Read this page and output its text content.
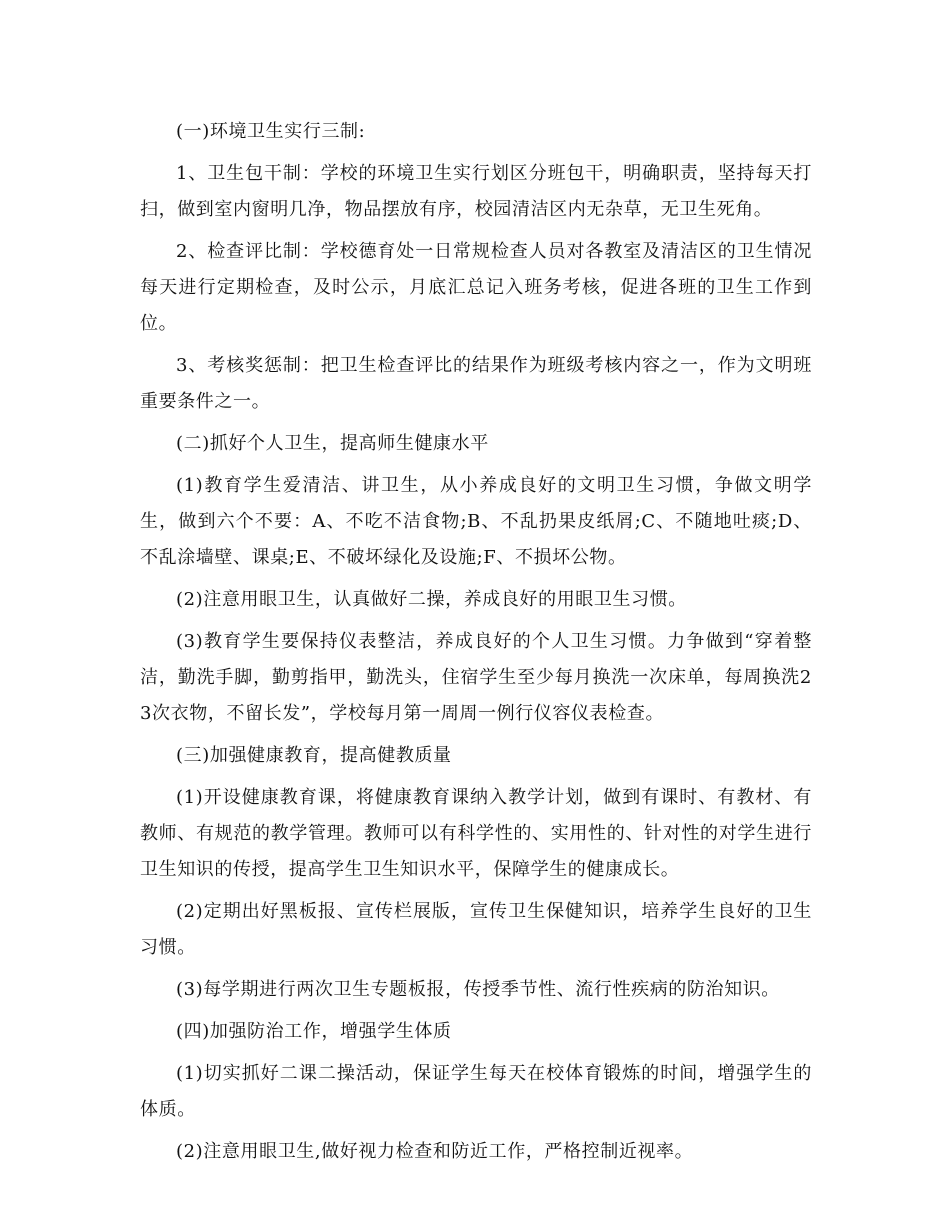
(一)环境卫生实行三制:

1、卫生包干制：学校的环境卫生实行划区分班包干，明确职责，坚持每天打扫，做到室内窗明几净，物品摆放有序，校园清洁区内无杂草，无卫生死角。

2、检查评比制：学校德育处一日常规检查人员对各教室及清洁区的卫生情况每天进行定期检查，及时公示，月底汇总记入班务考核，促进各班的卫生工作到位。

3、考核奖惩制：把卫生检查评比的结果作为班级考核内容之一，作为文明班重要条件之一。

(二)抓好个人卫生，提高师生健康水平

(1)教育学生爱清洁、讲卫生，从小养成良好的文明卫生习惯，争做文明学生，做到六个不要：A、不吃不洁食物;B、不乱扔果皮纸屑;C、不随地吐痰;D、不乱涂墙壁、课桌;E、不破坏绿化及设施;F、不损坏公物。

(2)注意用眼卫生，认真做好二操，养成良好的用眼卫生习惯。

(3)教育学生要保持仪表整洁，养成良好的个人卫生习惯。力争做到“穿着整洁，勤洗手脚，勤剪指甲，勤洗头，住宿学生至少每月换洗一次床单，每周换洗23次衣物，不留长发”，学校每月第一周周一例行仪容仪表检查。

(三)加强健康教育，提高健教质量

(1)开设健康教育课，将健康教育课纳入教学计划，做到有课时、有教材、有教师、有规范的教学管理。教师可以有科学性的、实用性的、针对性的对学生进行卫生知识的传授，提高学生卫生知识水平，保障学生的健康成长。

(2)定期出好黑板报、宣传栏展版，宣传卫生保健知识，培养学生良好的卫生习惯。

(3)每学期进行两次卫生专题板报，传授季节性、流行性疾病的防治知识。

(四)加强防治工作，增强学生体质

(1)切实抓好二课二操活动，保证学生每天在校体育锻炼的时间，增强学生的体质。

(2)注意用眼卫生,做好视力检查和防近工作，严格控制近视率。
